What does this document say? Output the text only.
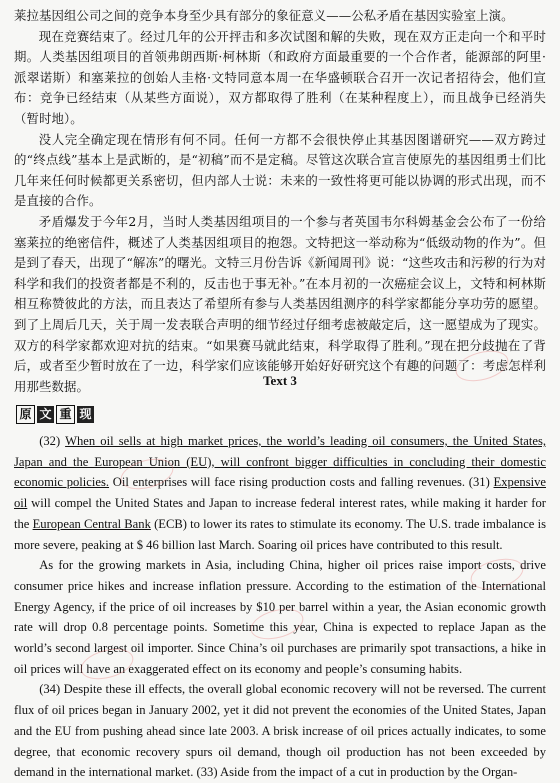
莱拉基因组公司之间的竞争本身至少具有部分的象征意义——公私矛盾在基因实验室上演。

现在竞赛结束了。经过几年的公开抨击和多次试图和解的失败，现在双方正走向一个和平时期。人类基因组项目的首领弗朗西斯·柯林斯（和政府方面最重要的一个合作者，能源部的阿里·派翠诺斯）和塞莱拉的创始人圭格·文特同意本周一在华盛顿联合召开一次记者招待会，他们宣布：竞争已经结束（从某些方面说），双方都取得了胜利（在某种程度上），而且战争已经消失（暂时地）。

没人完全确定现在情形有何不同。任何一方都不会很快停止其基因图谱研究——双方跨过的“终点线”基本上是武断的，是“初稿”而不是定稿。尽管这次联合宣言使原先的基因组勇士们比几年来任何时候都更关系密切，但内部人士说：未来的一致性将更可能以协调的形式出现，而不是直接的合作。

矛盾爆发于今年2月，当时人类基因组项目的一个参与者英国韦尔科姆基金会公布了一份给塞莱拉的绝密信件，概述了人类基因组项目的抱怨。文特把这一举动称为“低级动物的作为”。但是到了春天，出现了“解冻”的曙光。文特三月份告诉《新闻周刊》说：“这些攻击和污秽的行为对科学和我们的投资者都是不利的，反击也于事无补。”在本月初的一次癌症会议上，文特和柯林斯相互称赞彼此的方法，而且表达了希望所有参与人类基因组测序的科学家都能分享功劳的愿望。到了上周后几天，关于周一发表联合声明的细节经过仔细考虑被敲定后，这一愿望成为了现实。双方的科学家都欢迎对抗的结束。“如果赛马就此结束，科学取得了胜利。”现在把分歧抛在了背后，或者至少暂时放在了一边，科学家们应该能够开始好好研究这个有趣的问题了：考虑怎样利用那些数据。	Text 3
原 文 重 现

(32) When oil sells at high market prices, the world’s leading oil consumers, the United States, Japan and the European Union (EU), will confront bigger difficulties in concluding their domestic economic policies. Oil enterprises will face rising production costs and falling revenues. (31) Expensive oil will compel the United States and Japan to increase federal interest rates, while making it harder for the European Central Bank (ECB) to lower its rates to stimulate its economy. The U.S. trade imbalance is more severe, peaking at $ 46 billion last March. Soaring oil prices have contributed to this result.

As for the growing markets in Asia, including China, higher oil prices raise import costs, drive consumer price hikes and increase inflation pressure. According to the estimation of the International Energy Agency, if the price of oil increases by $10 per barrel within a year, the Asian economic growth rate will drop 0.8 percentage points. Sometime this year, China is expected to replace Japan as the world’s second largest oil importer. Since China’s oil purchases are primarily spot transactions, a hike in oil prices will have an exaggerated effect on its economy and people’s consuming habits.

(34) Despite these ill effects, the overall global economic recovery will not be reversed. The current flux of oil prices began in January 2002, yet it did not prevent the economies of the United States, Japan and the EU from pushing ahead since late 2003. A brisk increase of oil prices actually indicates, to some degree, that economic recovery spurs oil demand, though oil production has not been exceeded by demand in the international market. (33) Aside from the impact of a cut in production by the Organ-
